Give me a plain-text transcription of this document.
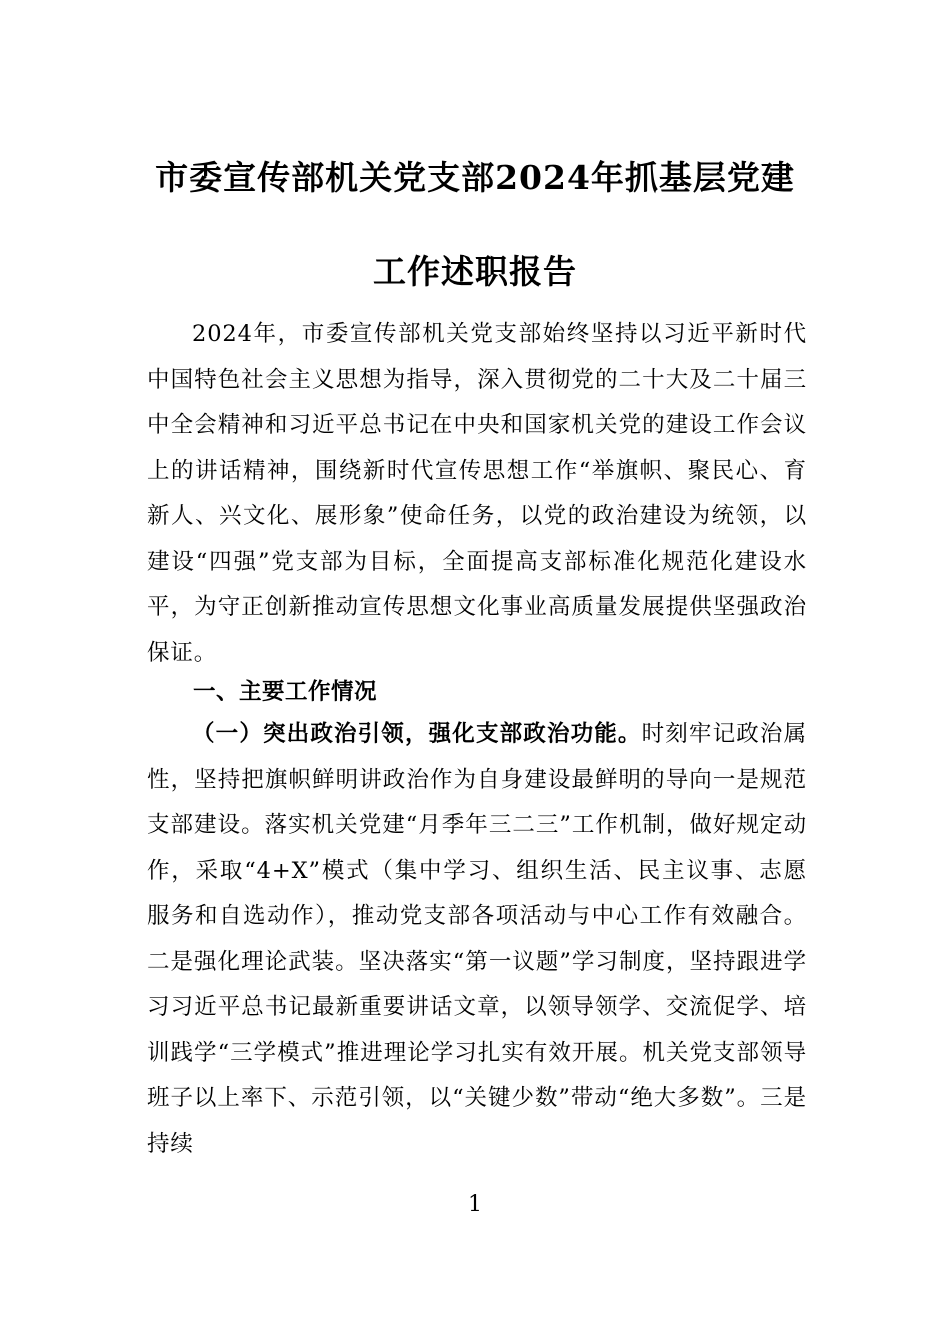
市委宣传部机关党支部2024年抓基层党建
工作述职报告
2024年，市委宣传部机关党支部始终坚持以习近平新时代中国特色社会主义思想为指导，深入贯彻党的二十大及二十届三中全会精神和习近平总书记在中央和国家机关党的建设工作会议上的讲话精神，围绕新时代宣传思想工作“举旗帜、聚民心、育新人、兴文化、展形象”使命任务，以党的政治建设为统领，以建设“四强”党支部为目标，全面提高支部标准化规范化建设水平，为守正创新推动宣传思想文化事业高质量发展提供坚强政治保证。
一、主要工作情况
（一）突出政治引领，强化支部政治功能。时刻牢记政治属性，坚持把旗帜鲜明讲政治作为自身建设最鲜明的导向一是规范支部建设。落实机关党建“月季年三二三”工作机制，做好规定动作，采取“4+X”模式（集中学习、组织生活、民主议事、志愿服务和自选动作），推动党支部各项活动与中心工作有效融合。二是强化理论武装。坚决落实“第一议题”学习制度，坚持跟进学习习近平总书记最新重要讲话文章，以领导领学、交流促学、培训践学“三学模式”推进理论学习扎实有效开展。机关党支部领导班子以上率下、示范引领，以“关键少数”带动“绝大多数”。三是持续
1
